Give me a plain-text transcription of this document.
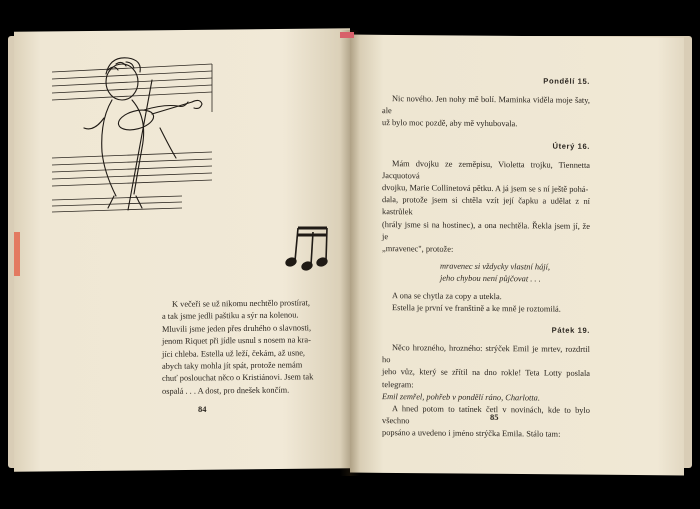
K večeři se už nikomu nechtělo prostírat,
a tak jsme jedli paštiku a sýr na kolenou.
Mluvili jsme jeden přes druhého o slavnosti,
jenom Riquet při jídle usnul s nosem na kra-
jíci chleba. Estella už leží, čekám, až usne,
abych taky mohla jít spát, protože nemám
chuť poslouchat něco o Kristiánovi. Jsem tak
ospalá . . . A dost, pro dnešek končím.

84
Pondělí 15.

Nic nového. Jen nohy mě bolí. Maminka viděla moje šaty, ale
už bylo moc pozdě, aby mě vyhubovala.

Úterý 16.

Mám dvojku ze zeměpisu, Violetta trojku, Tiennetta Jacquotová
dvojku, Marie Collinetová pětku. A já jsem se s ní ještě pohá-
dala, protože jsem si chtěla vzít její čapku a udělat z ní kastrůlek
(hrály jsme si na hostinec), a ona nechtěla. Řekla jsem jí, že je
„mravenec", protože:

mravenec si vždycky vlastní hájí,
jeho chybou není půjčovat . . .

A ona se chytla za copy a utekla.

Estella je první ve franštině a ke mně je roztomilá.

Pátek 19.

Něco hrozného, hrozného: strýček Emil je mrtev, rozdrtil ho
jeho vůz, který se zřítil na dno rokle! Teta Lotty poslala telegram:
Emil zemřel, pohřeb v pondělí ráno, Charlotta.

A hned potom to tatínek četl v novinách, kde to bylo všechno
popsáno a uvedeno i jméno strýčka Emila. Stálo tam:

85
